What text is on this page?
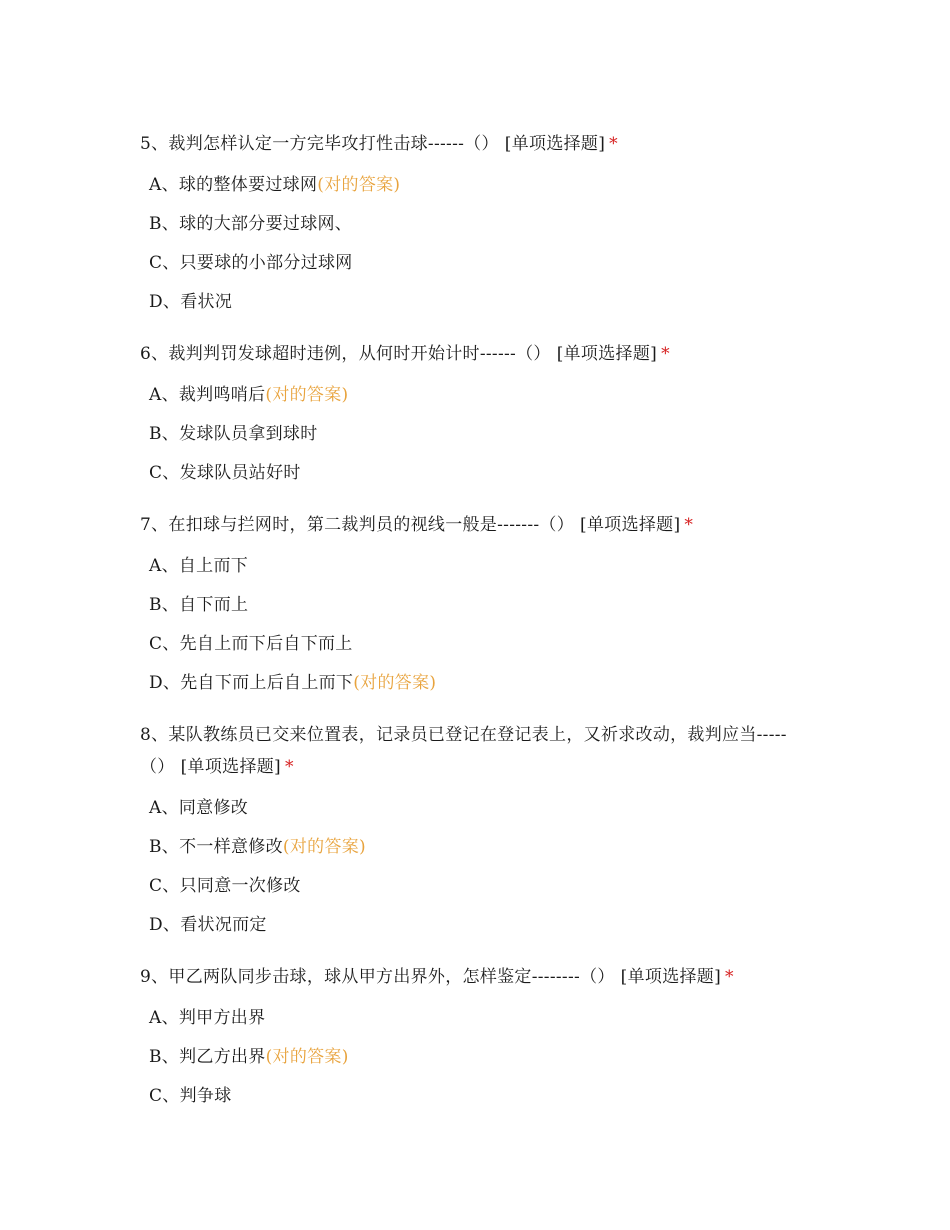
5、裁判怎样认定一方完毕攻打性击球------（） [单项选择题] *

A、球的整体要过球网(对的答案)
B、球的大部分要过球网、
C、只要球的小部分过球网
D、看状况

6、裁判判罚发球超时违例，从何时开始计时------（） [单项选择题] *

A、裁判鸣哨后(对的答案)
B、发球队员拿到球时
C、发球队员站好时

7、在扣球与拦网时，第二裁判员的视线一般是-------（） [单项选择题] *

A、自上而下
B、自下而上
C、先自上而下后自下而上
D、先自下而上后自上而下(对的答案)

8、某队教练员已交来位置表，记录员已登记在登记表上，又祈求改动，裁判应当-----（） [单项选择题] *

A、同意修改
B、不一样意修改(对的答案)
C、只同意一次修改
D、看状况而定

9、甲乙两队同步击球，球从甲方出界外，怎样鉴定--------（） [单项选择题] *

A、判甲方出界
B、判乙方出界(对的答案)
C、判争球
